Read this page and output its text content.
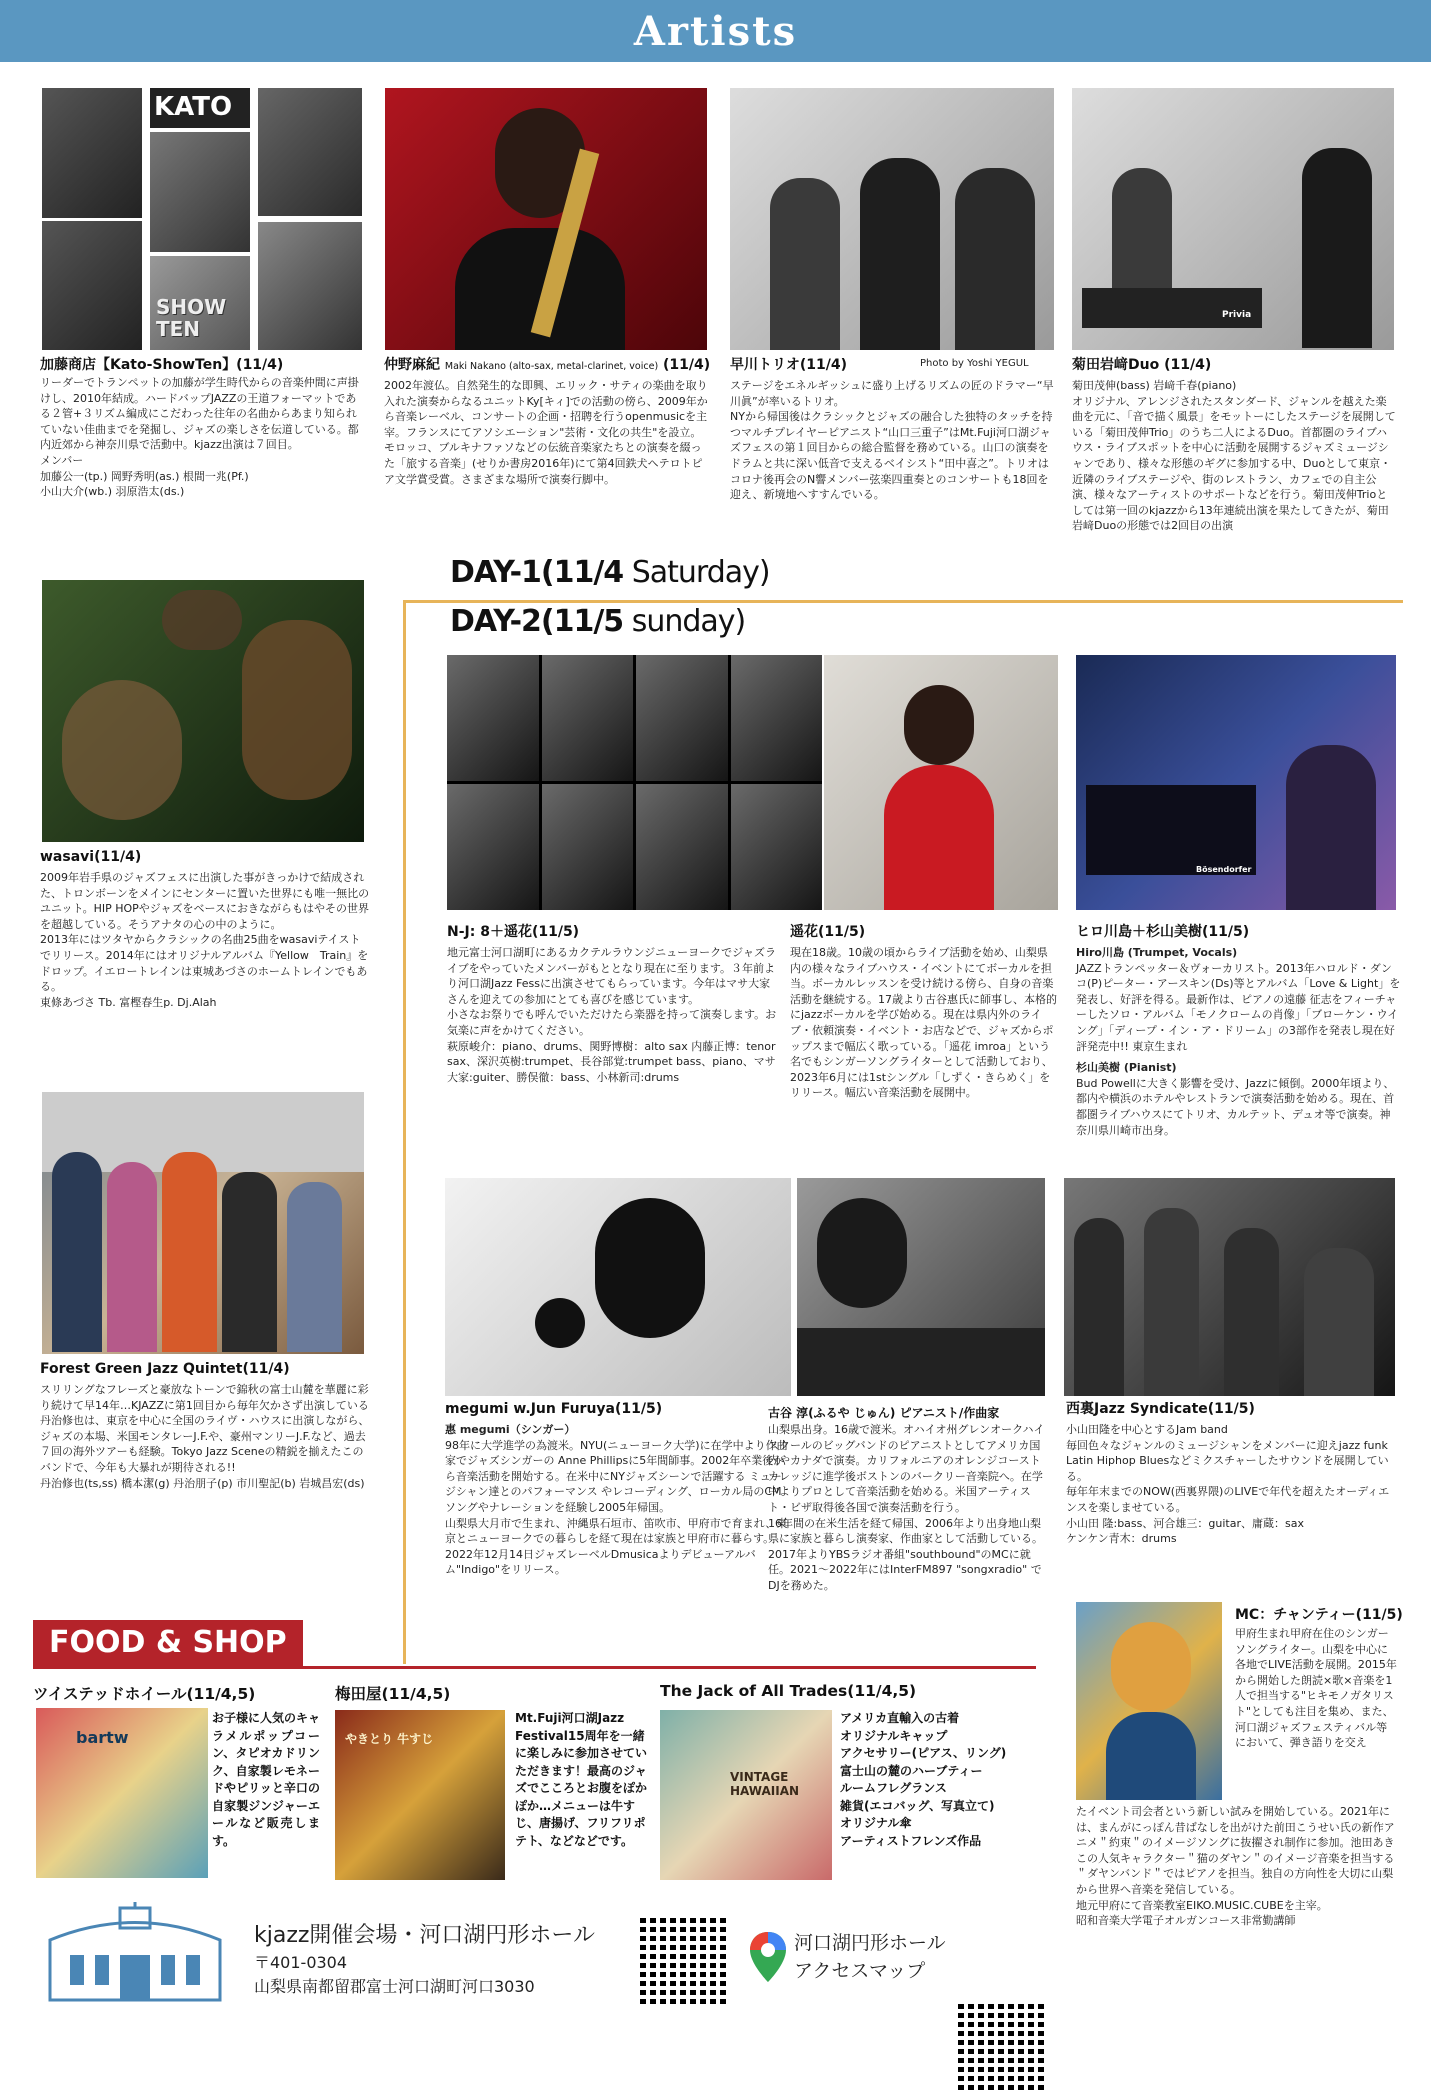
Artists
KATO
SHOW TEN
加藤商店【Kato-ShowTen】(11/4)

リーダーでトランペットの加藤が学生時代からの音楽仲間に声掛けし、2010年結成。ハードバップJAZZの王道フォーマットである２管+３リズム編成にこだわった往年の名曲からあまり知られていない佳曲までを発掘し、ジャズの楽しさを伝道している。都内近郊から神奈川県で活動中。kjazz出演は７回目。

メンバー

加藤公一(tp.) 岡野秀明(as.) 根間一兆(Pf.)

小山大介(wb.) 羽原浩太(ds.)

仲野麻紀 Maki Nakano (alto-sax, metal-clarinet, voice) (11/4)

2002年渡仏。自然発生的な即興、エリック・サティの楽曲を取り入れた演奏からなるユニットKy[キィ]での活動の傍ら、2009年から音楽レーベル、コンサートの企画・招聘を行うopenmusicを主宰。フランスにてアソシエーション"芸術・文化の共生"を設立。モロッコ、ブルキナファソなどの伝統音楽家たちとの演奏を綴った「旅する音楽」(せりか書房2016年)にて第4回鉄犬ヘテロトピア文学賞受賞。さまざまな場所で演奏行脚中。

早川トリオ(11/4)	Photo by Yoshi YEGUL

ステージをエネルギッシュに盛り上げるリズムの匠のドラマー“早川眞”が率いるトリオ。

NYから帰国後はクラシックとジャズの融合した独特のタッチを持つマルチプレイヤーピアニスト“山口三重子”はMt.Fuji河口湖ジャズフェスの第１回目からの総合監督を務めている。山口の演奏をドラムと共に深い低音で支えるベイシスト“田中喜之”。トリオはコロナ後再会のN響メンバー弦楽四重奏とのコンサートも18回を迎え、新境地へすすんでいる。

Privia
菊田岩﨑Duo (11/4)

菊田茂伸(bass) 岩﨑千春(piano)

オリジナル、アレンジされたスタンダード、ジャンルを越えた楽曲を元に、「音で描く風景」をモットーにしたステージを展開している「菊田茂伸Trio」のうち二人によるDuo。首都圏のライブハウス・ライブスポットを中心に活動を展開するジャズミュージシャンであり、様々な形態のギグに参加する中、Duoとして東京・近隣のライブステージや、街のレストラン、カフェでの自主公演、様々なアーティストのサポートなどを行う。菊田茂伸Trioとしては第一回のkjazzから13年連続出演を果たしてきたが、菊田岩﨑Duoの形態では2回目の出演

wasavi(11/4)

2009年岩手県のジャズフェスに出演した事がきっかけで結成された、トロンボーンをメインにセンターに置いた世界にも唯一無比のユニット。HIP HOPやジャズをベースにおきながらもはやその世界を超越している。そうアナタの心の中のように。

2013年にはツタヤからクラシックの名曲25曲をwasaviテイストでリリース。2014年にはオリジナルアルバム『Yellow　Train』をドロップ。イエロートレインは東城あづさのホームトレインでもある。

東條あづさ Tb. 富樫春生p. Dj.Alah

Forest Green Jazz Quintet(11/4)

スリリングなフレーズと豪放なトーンで錦秋の富士山麓を華麗に彩り続けて早14年…KJAZZに第1回目から毎年欠かさず出演している丹治修也は、東京を中心に全国のライヴ・ハウスに出演しながら、ジャズの本場、米国モンタレーJ.F.や、豪州マンリーJ.F.など、過去７回の海外ツアーも経験。Tokyo Jazz Sceneの精鋭を揃えたこのバンドで、今年も大暴れが期待される!!

丹治修也(ts,ss) 橋本潔(g) 丹治朋子(p) 市川聖記(b) 岩城昌宏(ds)

DAY-1(11/4 Saturday)
DAY-2(11/5 sunday)
N-J: 8＋遥花(11/5)

地元富士河口湖町にあるカクテルラウンジニューヨークでジャズライブをやっていたメンバーがもととなり現在に至ります。３年前より河口湖Jazz Fessに出演させてもらっています。今年はマサ大家さんを迎えての参加にとても喜びを感じています。

小さなお祭りでも呼んでいただけたら楽器を持って演奏します。お気楽に声をかけてください。

萩原峻介：piano、drums、関野博樹：alto sax 内藤正博：tenor sax、深沢英樹:trumpet、長谷部覚:trumpet bass、piano、マサ大家:guiter、勝俣徹：bass、小林新司:drums

遥花(11/5)

現在18歳。10歳の頃からライブ活動を始め、山梨県内の様々なライブハウス・イベントにてボーカルを担当。ボーカルレッスンを受け続ける傍ら、自身の音楽活動を継続する。17歳より古谷惠氏に師事し、本格的にjazzボーカルを学び始める。現在は県内外のライブ・依頼演奏・イベント・お店などで、ジャズからポップスまで幅広く歌っている。「遥花 imroa」という名でもシンガーソングライターとして活動しており、2023年6月には1stシングル「しずく・きらめく」をリリース。幅広い音楽活動を展開中。

Bösendorfer
ヒロ川島＋杉山美樹(11/5)

Hiro川島 (Trumpet, Vocals)

JAZZトランペッター＆ヴォーカリスト。2013年ハロルド・ダンコ(P)ピーター・アースキン(Ds)等とアルバム「Love & Light」を発表し、好評を得る。最新作は、ピアノの遠藤 征志をフィーチャーしたソロ・アルバム「モノクロームの肖像」「ブローケン・ウイング」「ディープ・イン・ア・ドリーム」の3部作を発表し現在好評発売中!! 東京生まれ

杉山美樹 (Pianist)

Bud Powellに大きく影響を受け、Jazzに傾倒。2000年頃より、都内や横浜のホテルやレストランで演奏活動を始める。現在、首都圏ライブハウスにてトリオ、カルテット、デュオ等で演奏。神奈川県川崎市出身。

megumi w.Jun Furuya(11/5)

惠 megumi（シンガー）

98年に大学進学の為渡米。NYU(ニューヨーク大学)に在学中より作曲家でジャズシンガーの Anne Phillipsに5年間師事。2002年卒業後から音楽活動を開始する。在米中にNYジャズシーンで活躍する ミュージシャン達とのパフォーマンス やレコーディング、ローカル局のCMソングやナレーションを経験し2005年帰国。

山梨県大月市で生まれ、沖縄県石垣市、笛吹市、甲府市で育まれ、東京とニューヨークでの暮らしを経て現在は家族と甲府市に暮らす。

2022年12月14日ジャズレーベルDmusicaよりデビューアルバム"Indigo"をリリース。

古谷 淳(ふるや じゅん) ピアニスト/作曲家

山梨県出身。16歳で渡米。オハイオ州グレンオークハイスクールのビッグバンドのピアニストとしてアメリカ国内やカナダで演奏。カリフォルニアのオレンジコーストカレッジに進学後ボストンのバークリー音楽院へ。在学中よりプロとして音楽活動を始める。米国アーティスト・ビザ取得後各国で演奏活動を行う。

16年間の在米生活を経て帰国、2006年より出身地山梨県に家族と暮らし演奏家、作曲家として活動している。2017年よりYBSラジオ番組"southbound"のMCに就任。2021〜2022年にはInterFM897 "songxradio" でDJを務めた。

西裏Jazz Syndicate(11/5)

小山田隆を中心とするJam band

毎回色々なジャンルのミュージシャンをメンバーに迎えjazz funk Latin Hiphop Bluesなどミクスチャーしたサウンドを展開している。

毎年年末までのNOW(西裏界隈)のLIVEで年代を超えたオーディエンスを楽しませている。

小山田 隆:bass、河合雄三：guitar、庸蔵：sax

ケンケン青木：drums

MC：チャンティー(11/5)
甲府生まれ甲府在住のシンガーソングライター。山梨を中心に各地でLIVE活動を展開。2015年から開始した朗読×歌×音楽を1人で担当する"ヒキモノガタリスト"としても注目を集め、また、河口湖ジャズフェスティバル等において、弾き語りを交え

たイベント司会者という新しい試みを開始している。2021年には、まんがにっぽん昔ばなしを出がけた前田こうせい氏の新作アニメ＂約束＂のイメージソングに抜擢され制作に参加。池田あきこの人気キャラクター＂猫のダヤン＂のイメージ音楽を担当する＂ダヤンバンド＂ではピアノを担当。独自の方向性を大切に山梨から世界へ音楽を発信している。

地元甲府にて音楽教室EIKO.MUSIC.CUBEを主宰。

昭和音楽大学電子オルガンコース非常勤講師

FOOD & SHOP
ツイステッドホイール(11/4,5)
bartw
お子様に人気のキャラメルポップコーン、タピオカドリンク、自家製レモネードやピリッと辛口の自家製ジンジャーエールなど販売します。
梅田屋(11/4,5)
やきとり 牛すじ
Mt.Fuji河口湖Jazz Festival15周年を一緒に楽しみに参加させていただきます！最高のジャズでこころとお腹をぽかぽか…メニューは牛すじ、唐揚げ、フリフリポテト、などなどです。
The Jack of All Trades(11/4,5)
VINTAGE HAWAIIAN
アメリカ直輸入の古着
オリジナルキャップ
アクセサリー(ピアス、リング)
富士山の麓のハーブティー
ルームフレグランス
雑貨(エコバッグ、写真立て)
オリジナル傘
アーティストフレンズ作品
kjazz開催会場・河口湖円形ホール
〒401-0304
山梨県南都留郡富士河口湖町河口3030
河口湖円形ホール
アクセスマップ
